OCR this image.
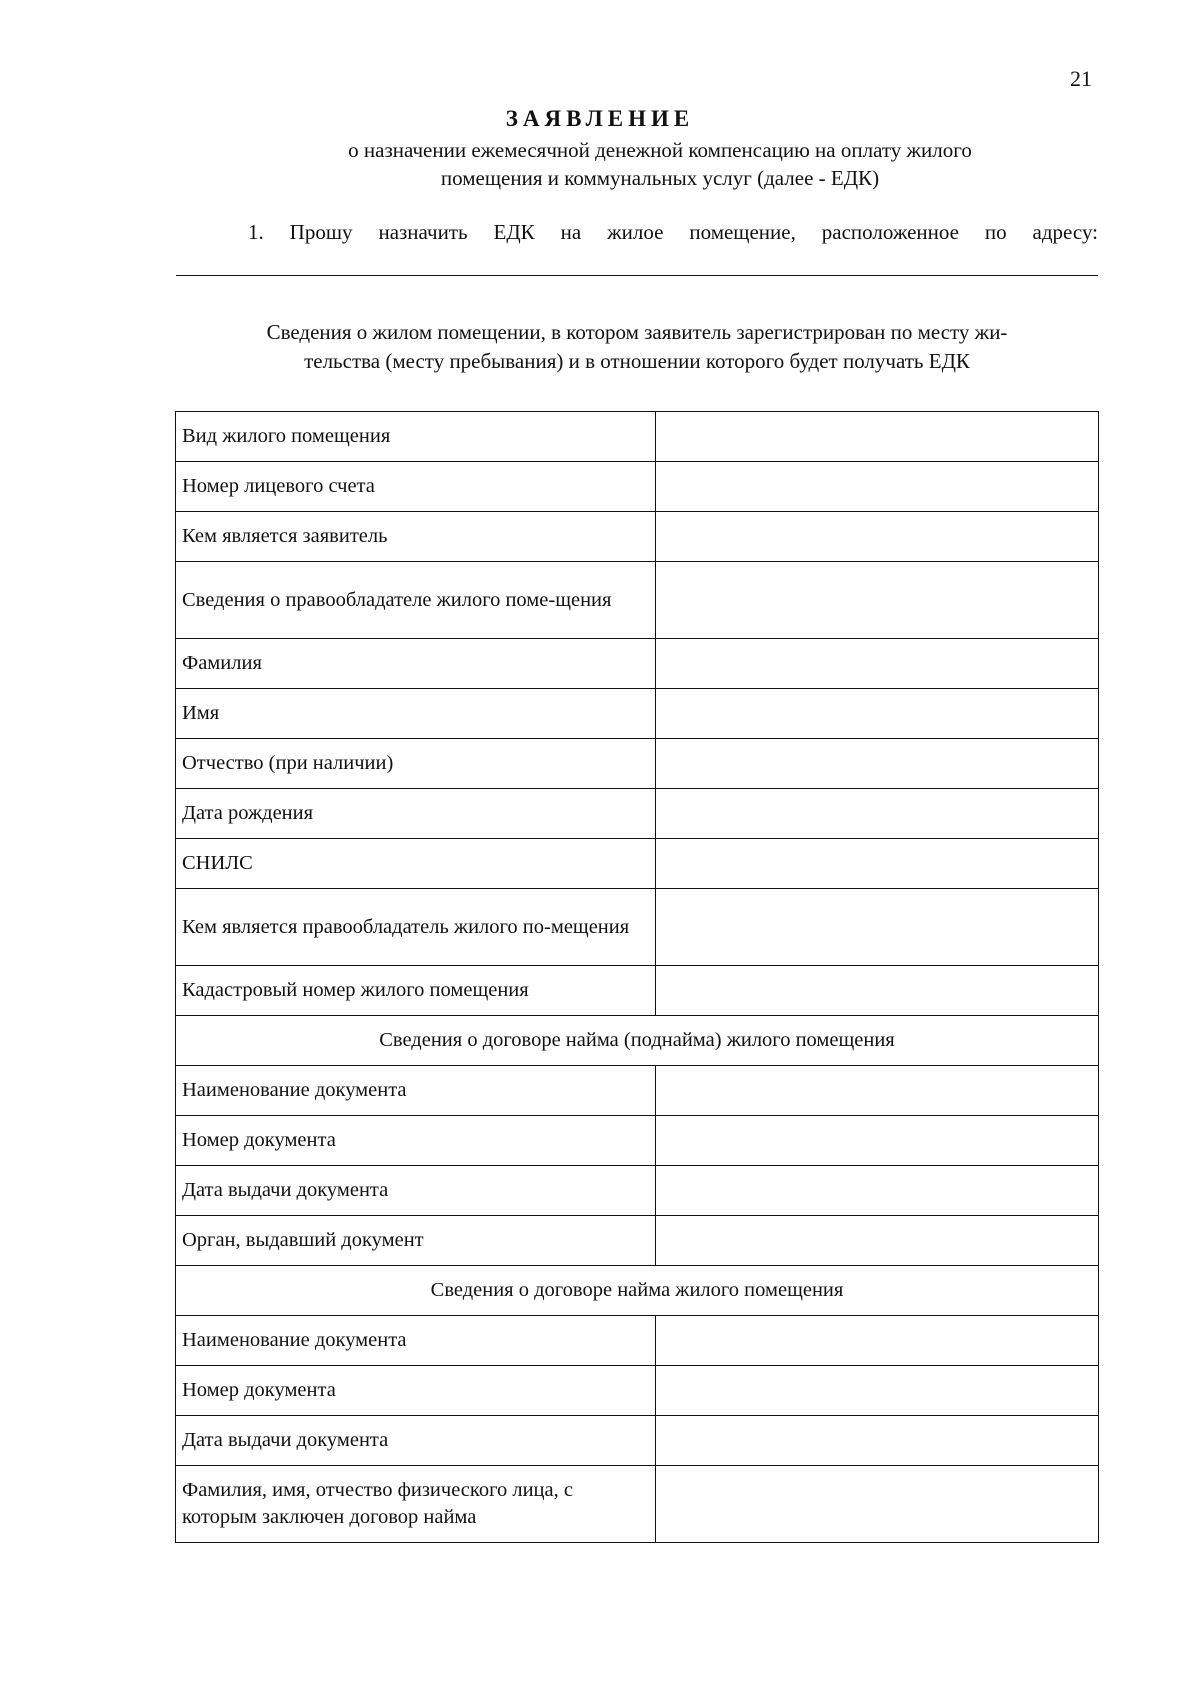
21
ЗАЯВЛЕНИЕ
о назначении ежемесячной денежной компенсацию на оплату жилого
помещения и коммунальных услуг (далее - ЕДК)
1. Прошу назначить ЕДК на жилое помещение, расположенное по адресу:
Сведения о жилом помещении, в котором заявитель зарегистрирован по месту жи-
тельства (месту пребывания) и в отношении которого будет получать ЕДК
Вид жилого помещения	
Номер лицевого счета	
Кем является заявитель	
Сведения о правообладателе жилого поме-щения	
Фамилия	
Имя	
Отчество (при наличии)	
Дата рождения	
СНИЛС	
Кем является правообладатель жилого по-мещения	
Кадастровый номер жилого помещения	
Сведения о договоре найма (поднайма) жилого помещения	
Наименование документа	
Номер документа	
Дата выдачи документа	
Орган, выдавший документ	
Сведения о договоре найма жилого помещения	
Наименование документа	
Номер документа	
Дата выдачи документа	
Фамилия, имя, отчество физического лица, с которым заключен договор найма	
